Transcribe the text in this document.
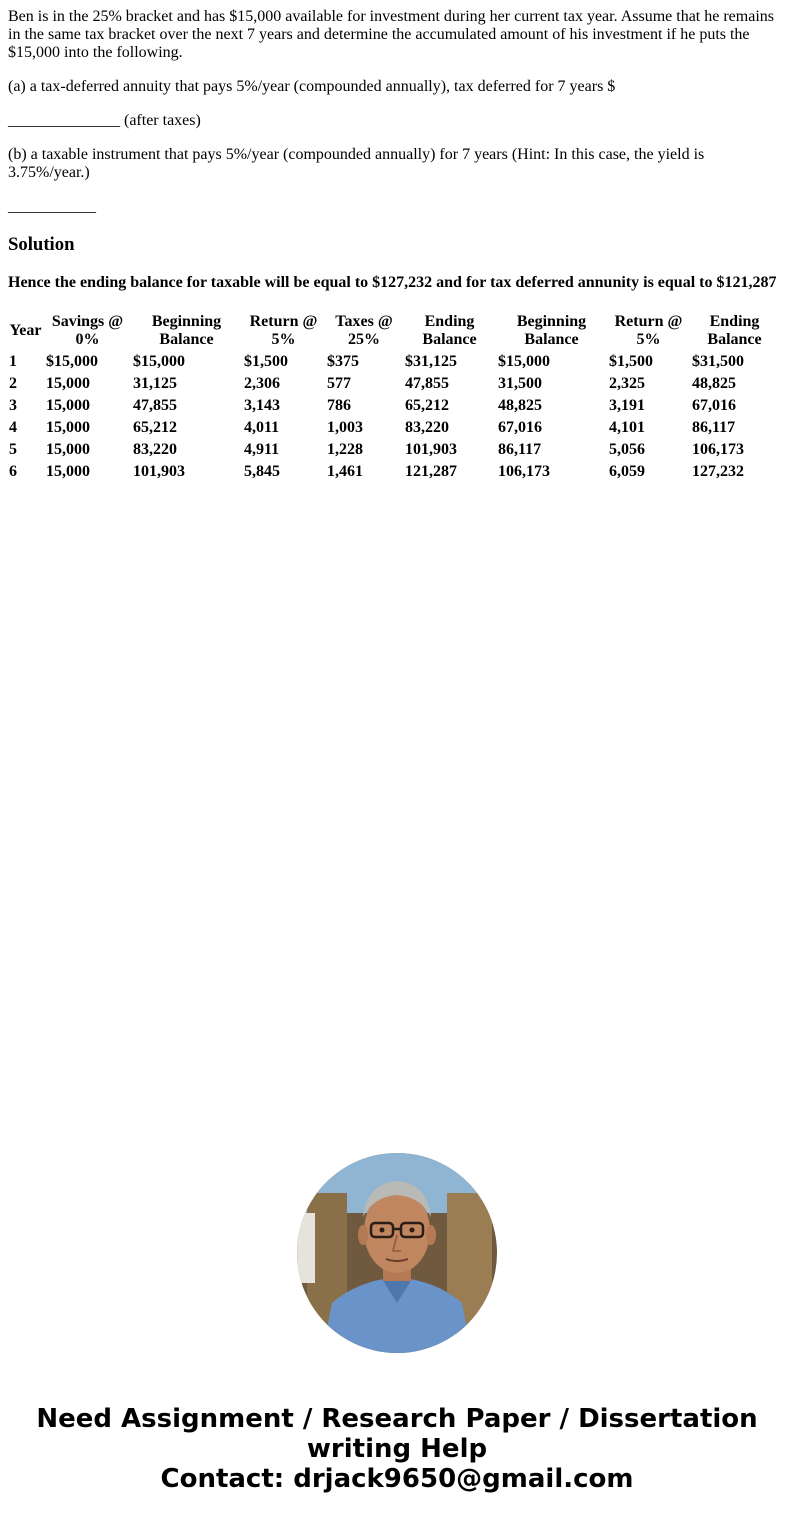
Ben is in the 25% bracket and has $15,000 available for investment during her current tax year. Assume that he remains in the same tax bracket over the next 7 years and determine the accumulated amount of his investment if he puts the $15,000 into the following.

(a) a tax-deferred annuity that pays 5%/year (compounded annually), tax deferred for 7 years $

______________ (after taxes)

(b) a taxable instrument that pays 5%/year (compounded annually) for 7 years (Hint: In this case, the yield is 3.75%/year.)

___________

Solution

Hence the ending balance for taxable will be equal to $127,232 and for tax deferred annunity is equal to $121,287

Year	Savings @ 0%	Beginning Balance	Return @ 5%	Taxes @ 25%	Ending Balance	Beginning Balance	Return @ 5%	Ending Balance
1	$15,000	$15,000	$1,500	$375	$31,125	$15,000	$1,500	$31,500
2	15,000	31,125	2,306	577	47,855	31,500	2,325	48,825
3	15,000	47,855	3,143	786	65,212	48,825	3,191	67,016
4	15,000	65,212	4,011	1,003	83,220	67,016	4,101	86,117
5	15,000	83,220	4,911	1,228	101,903	86,117	5,056	106,173
6	15,000	101,903	5,845	1,461	121,287	106,173	6,059	127,232
Need Assignment / Research Paper / Dissertation
writing Help
Contact: drjack9650@gmail.com
